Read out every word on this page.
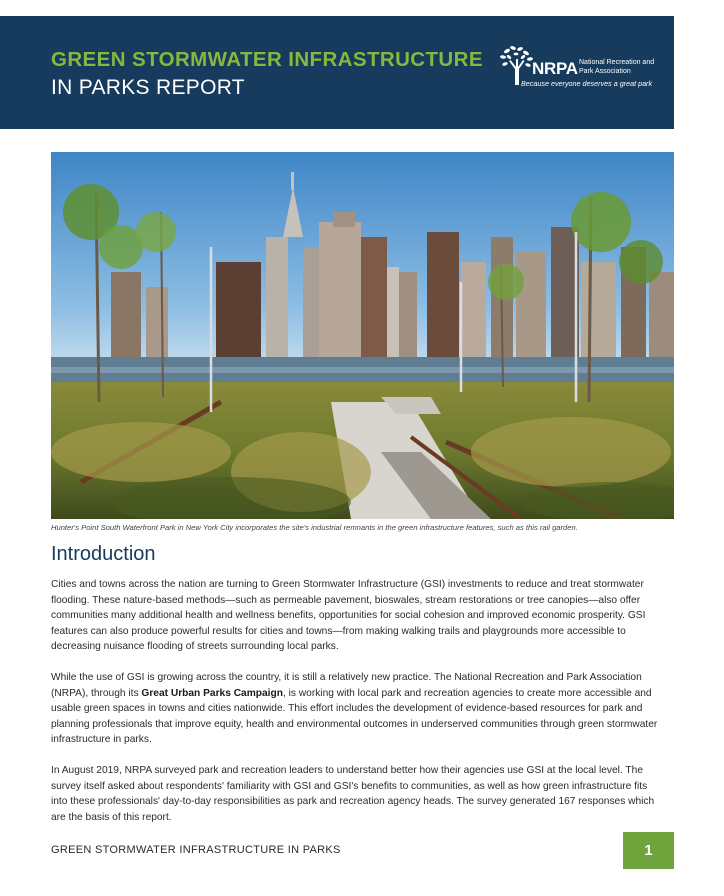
GREEN STORMWATER INFRASTRUCTURE
IN PARKS REPORT
NRPA National Recreation and Park Association
Because everyone deserves a great park
Hunter's Point South Waterfront Park in New York City incorporates the site's industrial remnants in the green infrastructure features, such as this rail garden.
Introduction

Cities and towns across the nation are turning to Green Stormwater Infrastructure (GSI) investments to reduce and treat stormwater flooding. These nature-based methods—such as permeable pavement, bioswales, stream restorations or tree canopies—also offer communities many additional health and wellness benefits, opportunities for social cohesion and improved economic prosperity. GSI features can also produce powerful results for cities and towns—from making walking trails and playgrounds more accessible to decreasing nuisance flooding of streets surrounding local parks.

While the use of GSI is growing across the country, it is still a relatively new practice. The National Recreation and Park Association (NRPA), through its Great Urban Parks Campaign, is working with local park and recreation agencies to create more accessible and usable green spaces in towns and cities nationwide. This effort includes the development of evidence-based resources for park and planning professionals that improve equity, health and environmental outcomes in underserved communities through green stormwater infrastructure in parks.

In August 2019, NRPA surveyed park and recreation leaders to understand better how their agencies use GSI at the local level. The survey itself asked about respondents' familiarity with GSI and GSI's benefits to communities, as well as how green infrastructure fits into these professionals' day-to-day responsibilities as park and recreation agency heads. The survey generated 167 responses which are the basis of this report.

GREEN STORMWATER INFRASTRUCTURE IN PARKS	1
